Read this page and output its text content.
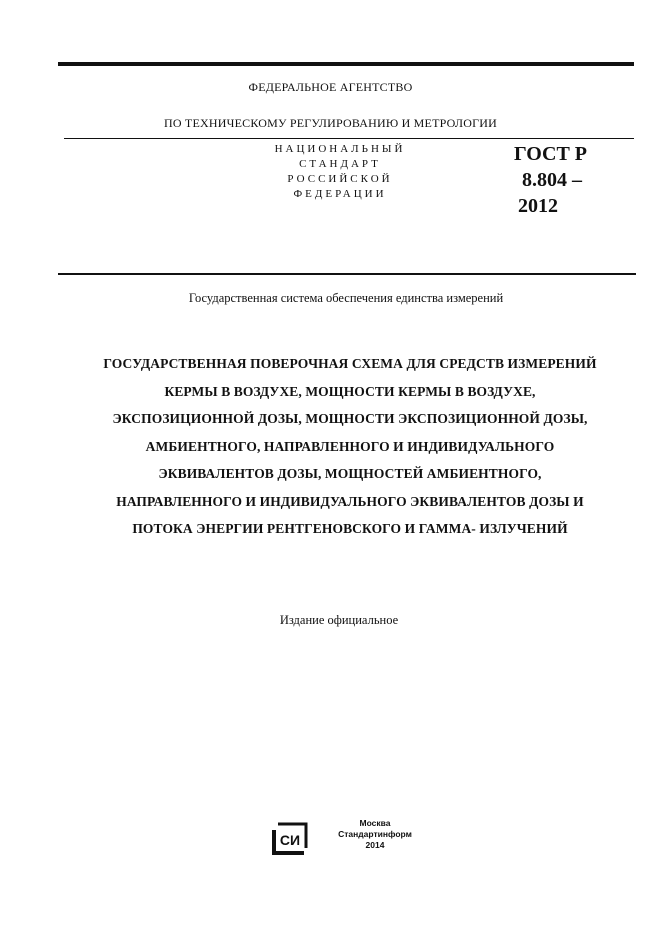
ФЕДЕРАЛЬНОЕ АГЕНТСТВО
ПО ТЕХНИЧЕСКОМУ РЕГУЛИРОВАНИЮ И МЕТРОЛОГИИ
НАЦИОНАЛЬНЫЙ
СТАНДАРТ
РОССИЙСКОЙ
ФЕДЕРАЦИИ
ГОСТ Р
8.804 –
2012
Государственная система обеспечения единства измерений
ГОСУДАРСТВЕННАЯ ПОВЕРОЧНАЯ СХЕМА ДЛЯ СРЕДСТВ ИЗМЕРЕНИЙ
КЕРМЫ В ВОЗДУХЕ, МОЩНОСТИ КЕРМЫ В ВОЗДУХЕ,
ЭКСПОЗИЦИОННОЙ ДОЗЫ, МОЩНОСТИ ЭКСПОЗИЦИОННОЙ ДОЗЫ,
АМБИЕНТНОГО, НАПРАВЛЕННОГО И ИНДИВИДУАЛЬНОГО
ЭКВИВАЛЕНТОВ ДОЗЫ, МОЩНОСТЕЙ АМБИЕНТНОГО,
НАПРАВЛЕННОГО И ИНДИВИДУАЛЬНОГО ЭКВИВАЛЕНТОВ ДОЗЫ И
ПОТОКА ЭНЕРГИИ РЕНТГЕНОВСКОГО И ГАММА- ИЗЛУЧЕНИЙ
Издание официальное
СИ
Москва
Стандартинформ
2014
